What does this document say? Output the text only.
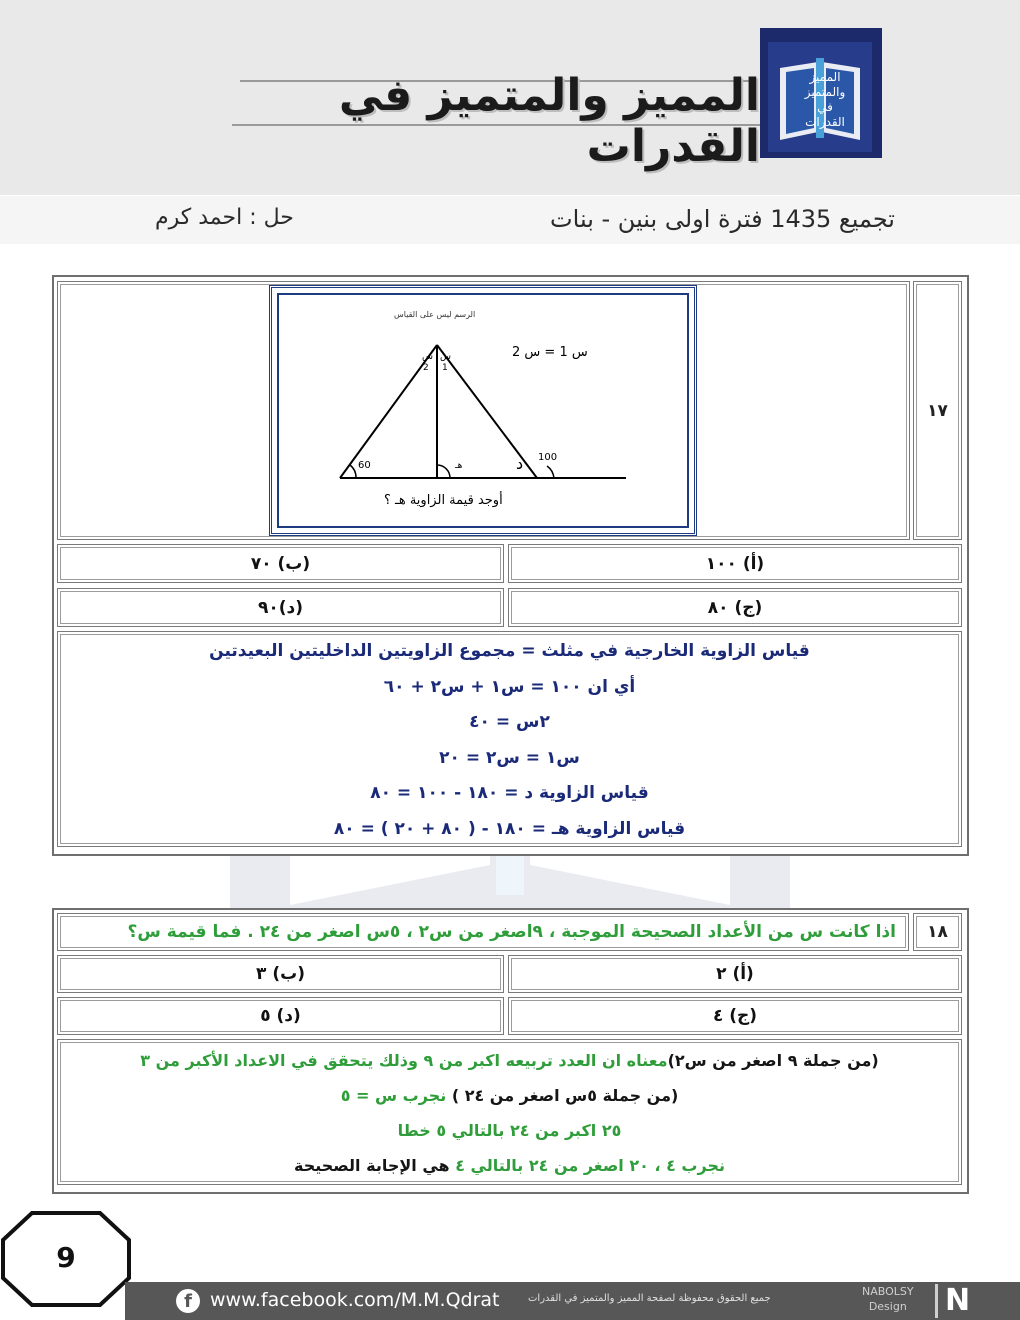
المميز والمتميز في القدرات
المميز
والمتميز
في
القدرات
تجميع 1435 فترة اولى بنين - بنات
حل : احمد كرم
١٧
الرسم ليس على القياس
س 1 = س 2
س
1
س
2
60
100
هـ	د
أوجد قيمة الزاوية هـ ؟
(أ) ١٠٠
(ب) ٧٠
(ج) ٨٠
(د)٩٠
قياس الزاوية الخارجية في مثلث = مجموع الزاويتين الداخليتين البعيدتين
أي ان ١٠٠ = س١ + س٢ + ٦٠
٢س = ٤٠
س١ = س٢ = ٢٠
قياس الزاوية د = ١٨٠ - ١٠٠ = ٨٠
قياس الزاوية هـ = ١٨٠ - ( ٨٠ + ٢٠ ) = ٨٠
١٨
اذا كانت س من الأعداد الصحيحة الموجبة ، ٩اصغر من س٢ ، ٥س اصغر من ٢٤ . فما قيمة س؟
(أ) ٢
(ب) ٣
(ج) ٤
(د) ٥
(من جملة ٩ اصغر من س٢)معناه ان العدد تربيعه اكبر من ٩ وذلك يتحقق في الاعداد الأكبر من ٣
(من جملة ٥س اصغر من ٢٤ ) نجرب س = ٥
٢٥ اكبر من ٢٤ بالتالي ٥ خطا
نجرب ٤ ، ٢٠ اصغر من ٢٤ بالتالي ٤ هي الإجابة الصحيحة
9
f www.facebook.com/M.M.Qdrat	جميع الحقوق محفوظة لصفحة المميز والمتميز في القدرات
NABOLSY
Design N
